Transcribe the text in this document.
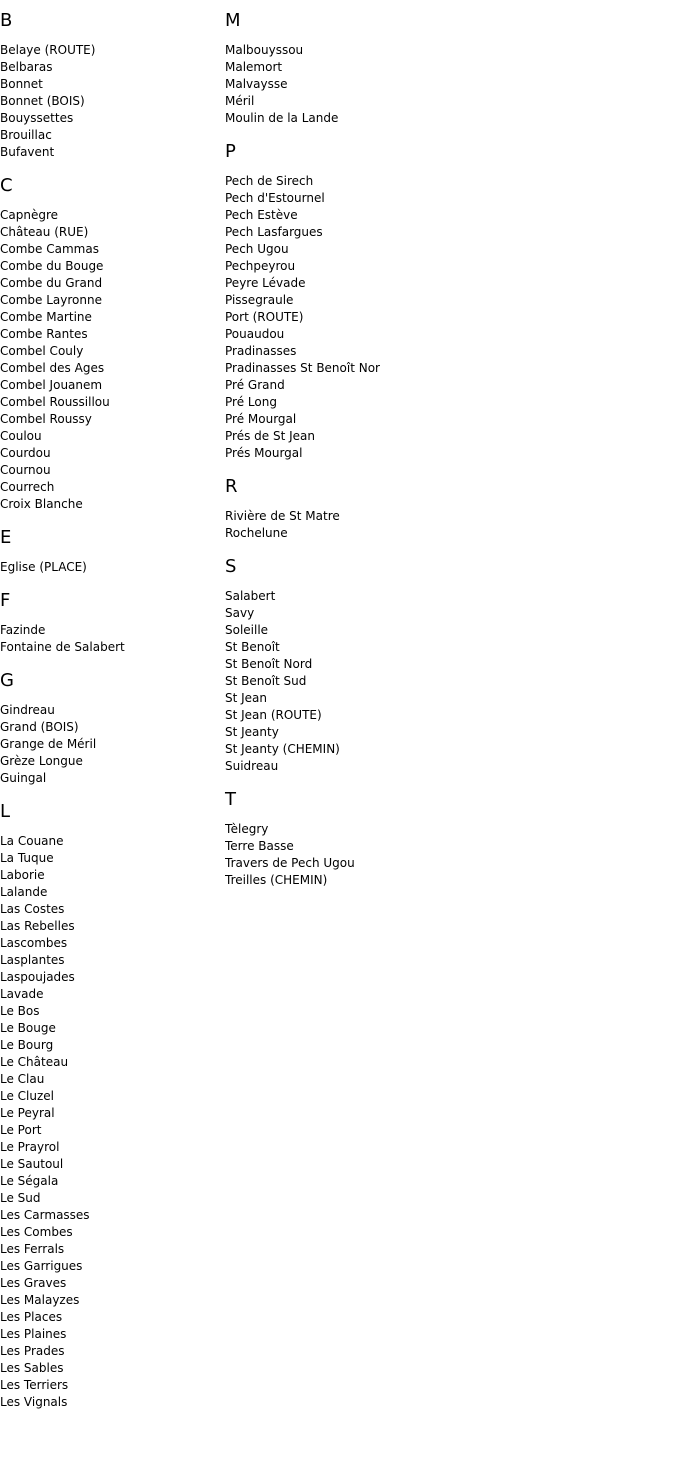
B
Belaye (ROUTE)
Belbaras
Bonnet
Bonnet (BOIS)
Bouyssettes
Brouillac
Bufavent
C
Capnègre
Château (RUE)
Combe Cammas
Combe du Bouge
Combe du Grand
Combe Layronne
Combe Martine
Combe Rantes
Combel Couly
Combel des Ages
Combel Jouanem
Combel Roussillou
Combel Roussy
Coulou
Courdou
Cournou
Courrech
Croix Blanche
E
Eglise (PLACE)
F
Fazinde
Fontaine de Salabert
G
Gindreau
Grand (BOIS)
Grange de Méril
Grèze Longue
Guingal
L
La Couane
La Tuque
Laborie
Lalande
Las Costes
Las Rebelles
Lascombes
Lasplantes
Laspoujades
Lavade
Le Bos
Le Bouge
Le Bourg
Le Château
Le Clau
Le Cluzel
Le Peyral
Le Port
Le Prayrol
Le Sautoul
Le Ségala
Le Sud
Les Carmasses
Les Combes
Les Ferrals
Les Garrigues
Les Graves
Les Malayzes
Les Places
Les Plaines
Les Prades
Les Sables
Les Terriers
Les Vignals
M
Malbouyssou
Malemort
Malvaysse
Méril
Moulin de la Lande
P
Pech de Sirech
Pech d'Estournel
Pech Estève
Pech Lasfargues
Pech Ugou
Pechpeyrou
Peyre Lévade
Pissegraule
Port (ROUTE)
Pouaudou
Pradinasses
Pradinasses St Benoît Nor
Pré Grand
Pré Long
Pré Mourgal
Prés de St Jean
Prés Mourgal
R
Rivière de St Matre
Rochelune
S
Salabert
Savy
Soleille
St Benoît
St Benoît Nord
St Benoît Sud
St Jean
St Jean (ROUTE)
St Jeanty
St Jeanty (CHEMIN)
Suidreau
T
Tèlegry
Terre Basse
Travers de Pech Ugou
Treilles (CHEMIN)
